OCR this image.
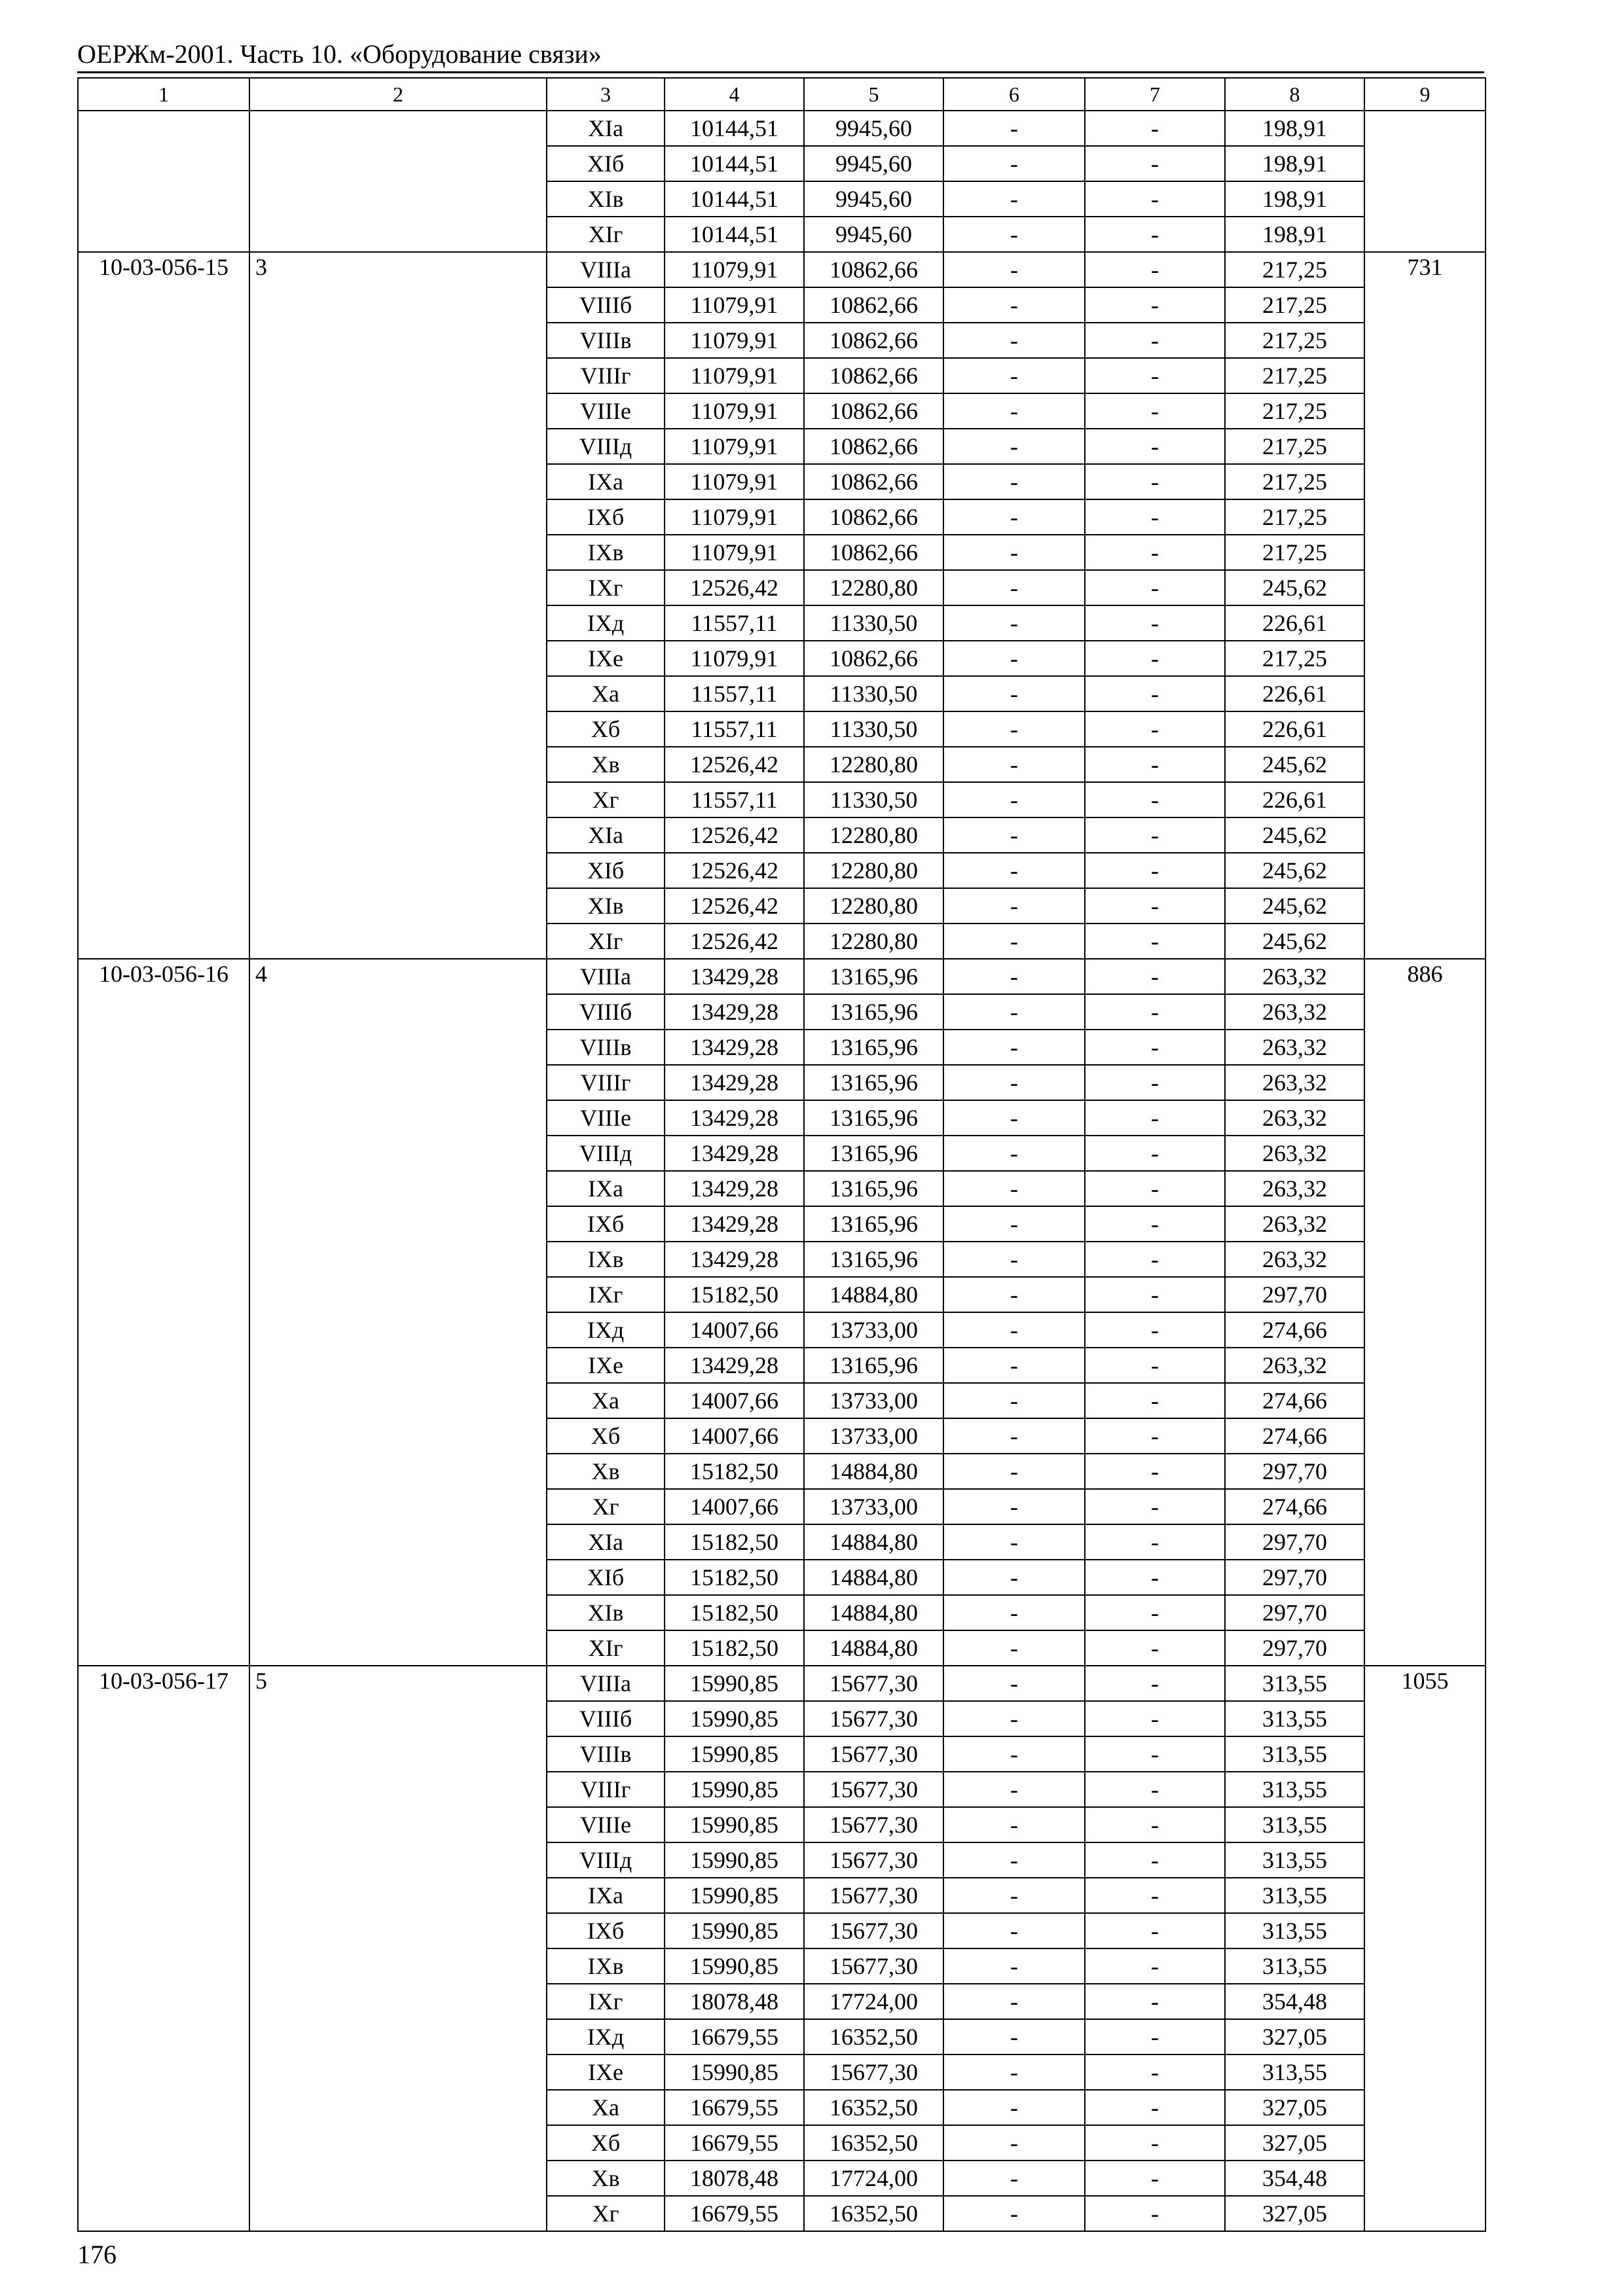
ОЕРЖм-2001. Часть 10. «Оборудование связи»
1	2	3	4	5	6	7	8	9
		XIа	10144,51	9945,60	-	-	198,91	
		XIб	10144,51	9945,60	-	-	198,91	
		XIв	10144,51	9945,60	-	-	198,91	
		XIг	10144,51	9945,60	-	-	198,91	
10-03-056-15	3	VIIIа	11079,91	10862,66	-	-	217,25	731
		VIIIб	11079,91	10862,66	-	-	217,25	
		VIIIв	11079,91	10862,66	-	-	217,25	
		VIIIг	11079,91	10862,66	-	-	217,25	
		VIIIе	11079,91	10862,66	-	-	217,25	
		VIIIд	11079,91	10862,66	-	-	217,25	
		IXа	11079,91	10862,66	-	-	217,25	
		IXб	11079,91	10862,66	-	-	217,25	
		IXв	11079,91	10862,66	-	-	217,25	
		IXг	12526,42	12280,80	-	-	245,62	
		IXд	11557,11	11330,50	-	-	226,61	
		IXе	11079,91	10862,66	-	-	217,25	
		Xа	11557,11	11330,50	-	-	226,61	
		Xб	11557,11	11330,50	-	-	226,61	
		Xв	12526,42	12280,80	-	-	245,62	
		Xг	11557,11	11330,50	-	-	226,61	
		XIа	12526,42	12280,80	-	-	245,62	
		XIб	12526,42	12280,80	-	-	245,62	
		XIв	12526,42	12280,80	-	-	245,62	
		XIг	12526,42	12280,80	-	-	245,62	
10-03-056-16	4	VIIIа	13429,28	13165,96	-	-	263,32	886
		VIIIб	13429,28	13165,96	-	-	263,32	
		VIIIв	13429,28	13165,96	-	-	263,32	
		VIIIг	13429,28	13165,96	-	-	263,32	
		VIIIе	13429,28	13165,96	-	-	263,32	
		VIIIд	13429,28	13165,96	-	-	263,32	
		IXа	13429,28	13165,96	-	-	263,32	
		IXб	13429,28	13165,96	-	-	263,32	
		IXв	13429,28	13165,96	-	-	263,32	
		IXг	15182,50	14884,80	-	-	297,70	
		IXд	14007,66	13733,00	-	-	274,66	
		IXе	13429,28	13165,96	-	-	263,32	
		Xа	14007,66	13733,00	-	-	274,66	
		Xб	14007,66	13733,00	-	-	274,66	
		Xв	15182,50	14884,80	-	-	297,70	
		Xг	14007,66	13733,00	-	-	274,66	
		XIа	15182,50	14884,80	-	-	297,70	
		XIб	15182,50	14884,80	-	-	297,70	
		XIв	15182,50	14884,80	-	-	297,70	
		XIг	15182,50	14884,80	-	-	297,70	
10-03-056-17	5	VIIIа	15990,85	15677,30	-	-	313,55	1055
		VIIIб	15990,85	15677,30	-	-	313,55	
		VIIIв	15990,85	15677,30	-	-	313,55	
		VIIIг	15990,85	15677,30	-	-	313,55	
		VIIIе	15990,85	15677,30	-	-	313,55	
		VIIIд	15990,85	15677,30	-	-	313,55	
		IXа	15990,85	15677,30	-	-	313,55	
		IXб	15990,85	15677,30	-	-	313,55	
		IXв	15990,85	15677,30	-	-	313,55	
		IXг	18078,48	17724,00	-	-	354,48	
		IXд	16679,55	16352,50	-	-	327,05	
		IXе	15990,85	15677,30	-	-	313,55	
		Xа	16679,55	16352,50	-	-	327,05	
		Xб	16679,55	16352,50	-	-	327,05	
		Xв	18078,48	17724,00	-	-	354,48	
		Xг	16679,55	16352,50	-	-	327,05	
176
